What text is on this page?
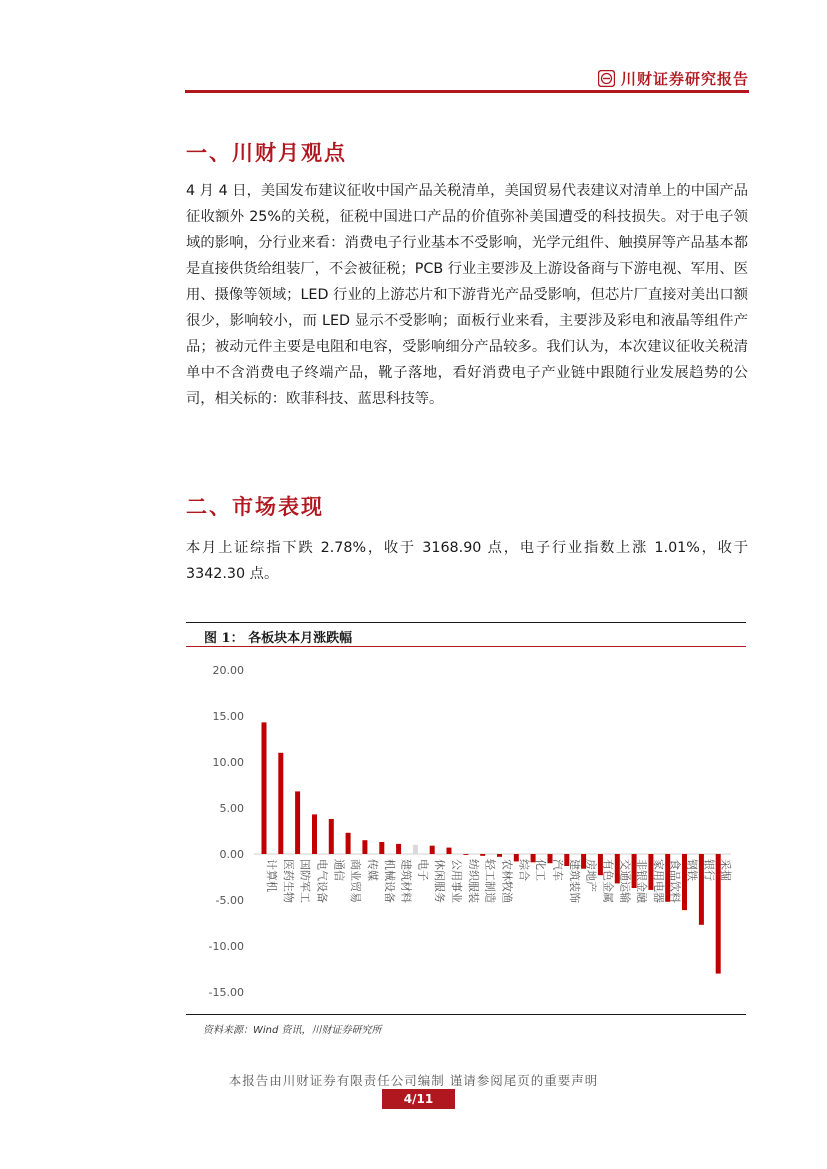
川财证券研究报告
一、川财月观点
4 月 4 日，美国发布建议征收中国产品关税清单，美国贸易代表建议对清单上的中国产品征收额外 25%的关税，征税中国进口产品的价值弥补美国遭受的科技损失。对于电子领域的影响，分行业来看：消费电子行业基本不受影响，光学元组件、触摸屏等产品基本都是直接供货给组装厂，不会被征税；PCB 行业主要涉及上游设备商与下游电视、军用、医用、摄像等领域；LED 行业的上游芯片和下游背光产品受影响，但芯片厂直接对美出口额很少，影响较小，而 LED 显示不受影响；面板行业来看，主要涉及彩电和液晶等组件产品；被动元件主要是电阻和电容，受影响细分产品较多。我们认为，本次建议征收关税清单中不含消费电子终端产品，靴子落地，看好消费电子产业链中跟随行业发展趋势的公司，相关标的：欧菲科技、蓝思科技等。
二、市场表现
本月上证综指下跌 2.78%，收于 3168.90 点，电子行业指数上涨 1.01%，收于 3342.30 点。
图 1： 各板块本月涨跌幅
20.00
15.00
10.00
5.00
0.00
-5.00
-10.00
-15.00
计算机 医药生物 国防军工 电气设备 通信 商业贸易 传媒 机械设备 建筑材料 电子 休闲服务 公用事业 纺织服装 轻工制造 农林牧渔 综合 化工 汽车 建筑装饰 房地产 有色金属 交通运输 非银金融 家用电器 食品饮料 钢铁 银行 采掘
资料来源：Wind 资讯，川财证券研究所
本报告由川财证券有限责任公司编制 谨请参阅尾页的重要声明
4/11
